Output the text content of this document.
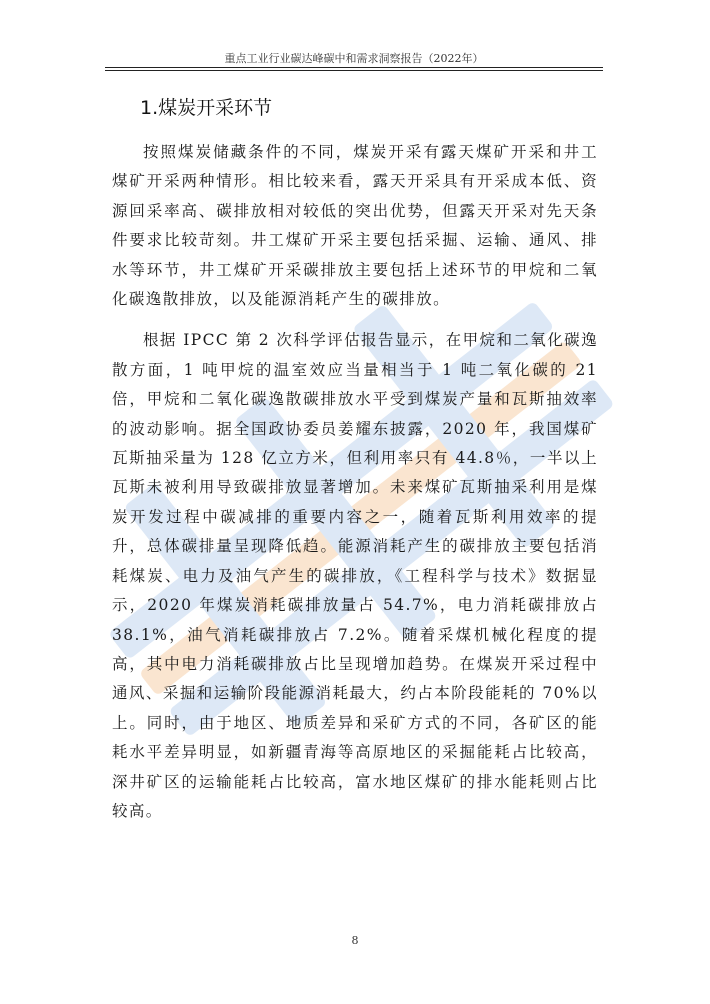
重点工业行业碳达峰碳中和需求洞察报告（2022年）
1.煤炭开采环节

按照煤炭储藏条件的不同，煤炭开采有露天煤矿开采和井工煤矿开采两种情形。相比较来看，露天开采具有开采成本低、资源回采率高、碳排放相对较低的突出优势，但露天开采对先天条件要求比较苛刻。井工煤矿开采主要包括采掘、运输、通风、排水等环节，井工煤矿开采碳排放主要包括上述环节的甲烷和二氧化碳逸散排放，以及能源消耗产生的碳排放。

根据 IPCC 第 2 次科学评估报告显示，在甲烷和二氧化碳逸散方面，1 吨甲烷的温室效应当量相当于 1 吨二氧化碳的 21 倍，甲烷和二氧化碳逸散碳排放水平受到煤炭产量和瓦斯抽效率的波动影响。据全国政协委员姜耀东披露，2020 年，我国煤矿瓦斯抽采量为 128 亿立方米，但利用率只有 44.8％，一半以上瓦斯未被利用导致碳排放显著增加。未来煤矿瓦斯抽采利用是煤炭开发过程中碳减排的重要内容之一，随着瓦斯利用效率的提升，总体碳排量呈现降低趋。能源消耗产生的碳排放主要包括消耗煤炭、电力及油气产生的碳排放，《工程科学与技术》数据显示，2020 年煤炭消耗碳排放量占 54.7%，电力消耗碳排放占 38.1%，油气消耗碳排放占 7.2%。随着采煤机械化程度的提高，其中电力消耗碳排放占比呈现增加趋势。在煤炭开采过程中通风、采掘和运输阶段能源消耗最大，约占本阶段能耗的 70%以上。同时，由于地区、地质差异和采矿方式的不同，各矿区的能耗水平差异明显，如新疆青海等高原地区的采掘能耗占比较高，深井矿区的运输能耗占比较高，富水地区煤矿的排水能耗则占比较高。

8
